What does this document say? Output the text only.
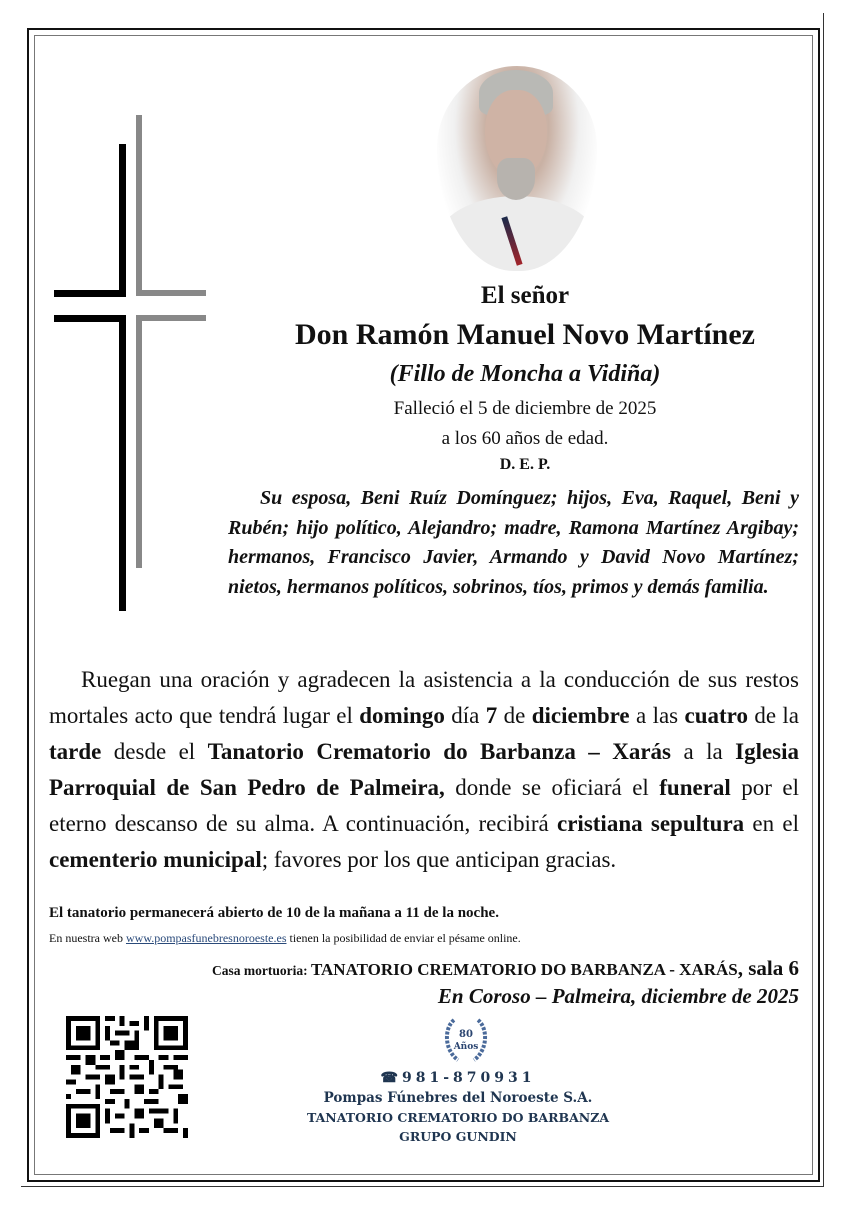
El señor
Don Ramón Manuel Novo Martínez
(Fillo de Moncha a Vidiña)
Falleció el 5 de diciembre de 2025
a los 60 años de edad.
D. E. P.
Su esposa, Beni Ruíz Domínguez; hijos, Eva, Raquel, Beni y Rubén; hijo político, Alejandro; madre, Ramona Martínez Argibay; hermanos, Francisco Javier, Armando y David Novo Martínez; nietos, hermanos políticos, sobrinos, tíos, primos y demás familia.
Ruegan una oración y agradecen la asistencia a la conducción de sus restos mortales acto que tendrá lugar el domingo día 7 de diciembre a las cuatro de la tarde desde el Tanatorio Crematorio do Barbanza – Xarás a la Iglesia Parroquial de San Pedro de Palmeira, donde se oficiará el funeral por el eterno descanso de su alma. A continuación, recibirá cristiana sepultura en el cementerio municipal; favores por los que anticipan gracias.
El tanatorio permanecerá abierto de 10 de la mañana a 11 de la noche.
En nuestra web www.pompasfunebresnoroeste.es tienen la posibilidad de enviar el pésame online.
Casa mortuoria: TANATORIO CREMATORIO DO BARBANZA - XARÁS, sala 6
En Coroso – Palmeira, diciembre de 2025
80
Años
☎981-870931
Pompas Fúnebres del Noroeste S.A.
TANATORIO CREMATORIO DO BARBANZA
GRUPO GUNDIN
